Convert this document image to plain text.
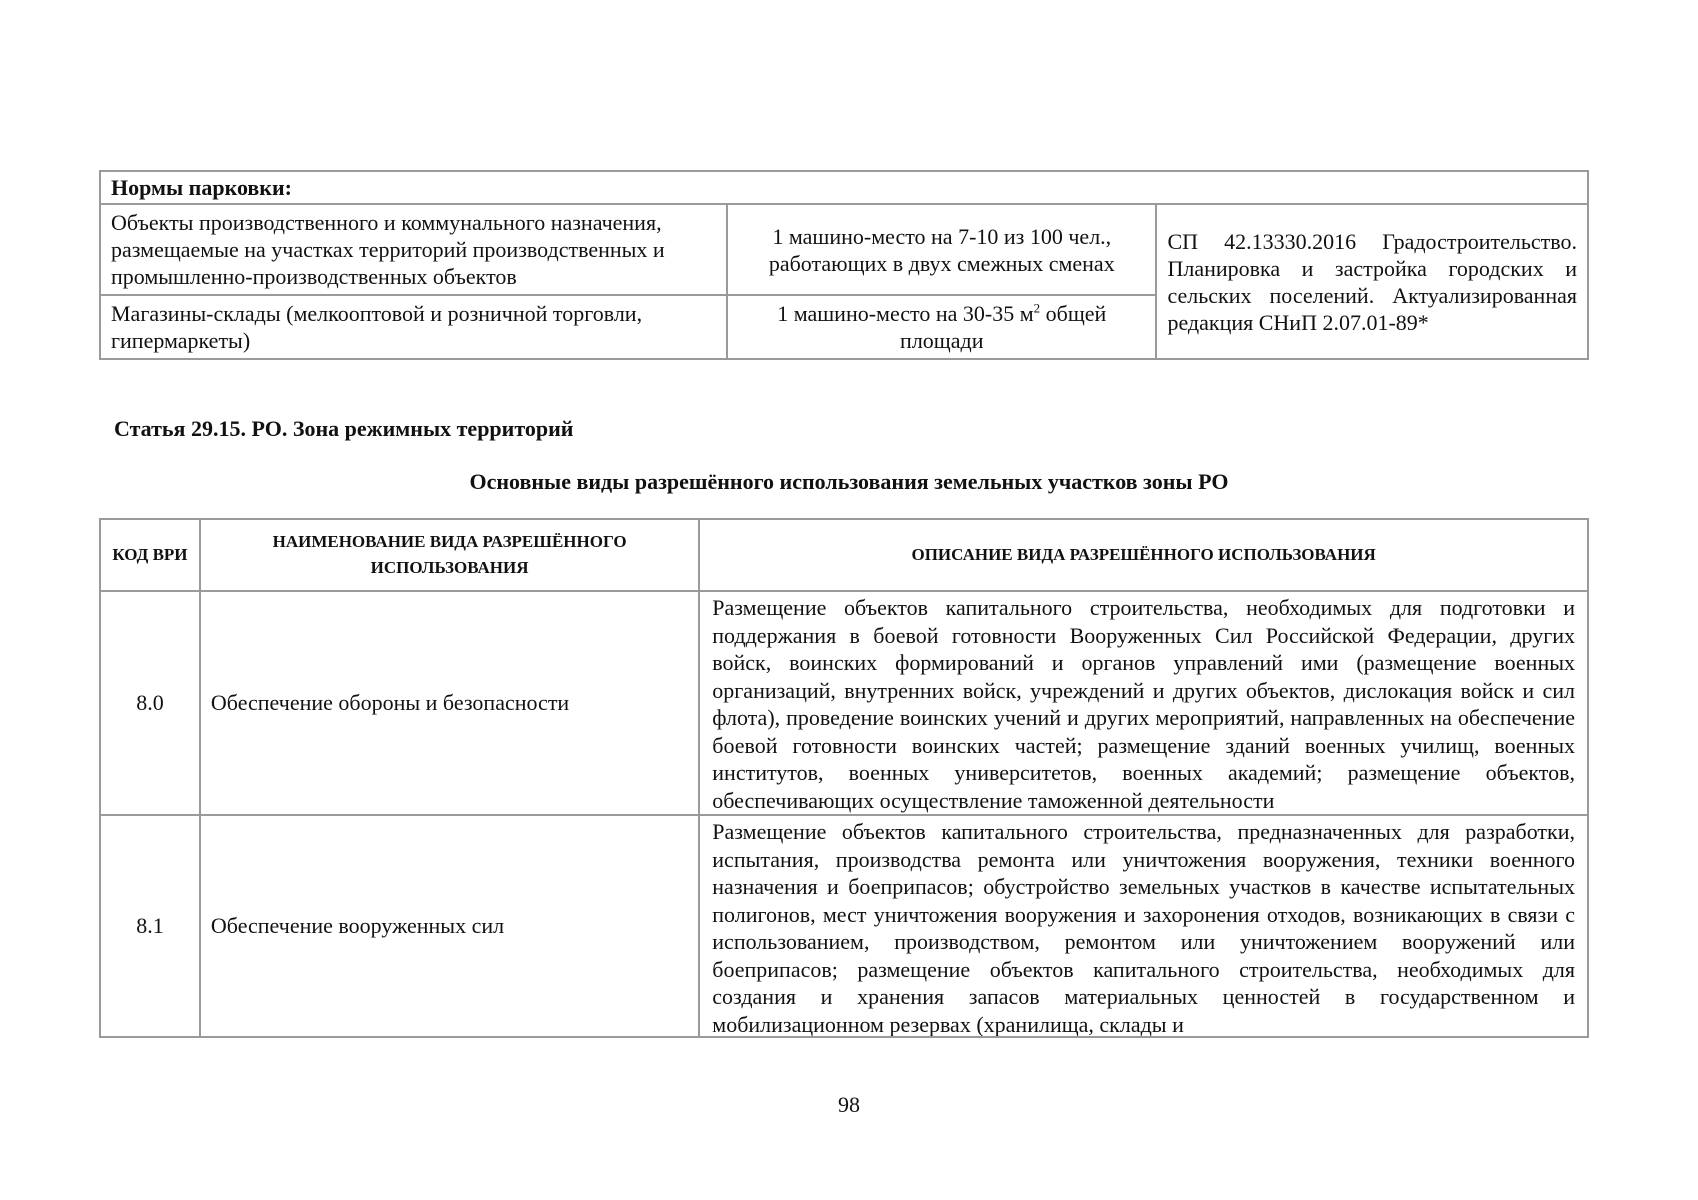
Нормы парковки:		
Объекты производственного и коммунального назначения, размещаемые на участках территорий производственных и промышленно-производственных объектов	1 машино-место на 7-10 из 100 чел., работающих в двух смежных сменах	СП 42.13330.2016 Градостроительство. Планировка и застройка городских и сельских поселений. Актуализированная редакция СНиП 2.07.01-89*
Магазины-склады (мелкооптовой и розничной торговли, гипермаркеты)	1 машино-место на 30-35 $м^2$ общей площади	
Статья 29.15. РО. Зона режимных территорий
Основные виды разрешённого использования земельных участков зоны РО
КОД ВРИ	НАИМЕНОВАНИЕ ВИДА РАЗРЕШЁННОГО ИСПОЛЬЗОВАНИЯ	ОПИСАНИЕ ВИДА РАЗРЕШЁННОГО ИСПОЛЬЗОВАНИЯ
8.0	Обеспечение обороны и безопасности	Размещение объектов капитального строительства, необходимых для подготовки и поддержания в боевой готовности Вооруженных Сил Российской Федерации, других войск, воинских формирований и органов управлений ими (размещение военных организаций, внутренних войск, учреждений и других объектов, дислокация войск и сил флота), проведение воинских учений и других мероприятий, направленных на обеспечение боевой готовности воинских частей; размещение зданий военных училищ, военных институтов, военных университетов, военных академий; размещение объектов, обеспечивающих осуществление таможенной деятельности
8.1	Обеспечение вооруженных сил	Размещение объектов капитального строительства, предназначенных для разработки, испытания, производства ремонта или уничтожения вооружения, техники военного назначения и боеприпасов; обустройство земельных участков в качестве испытательных полигонов, мест уничтожения вооружения и захоронения отходов, возникающих в связи с использованием, производством, ремонтом или уничтожением вооружений или боеприпасов; размещение объектов капитального строительства, необходимых для создания и хранения запасов материальных ценностей в государственном и мобилизационном резервах (хранилища, склады и
98
